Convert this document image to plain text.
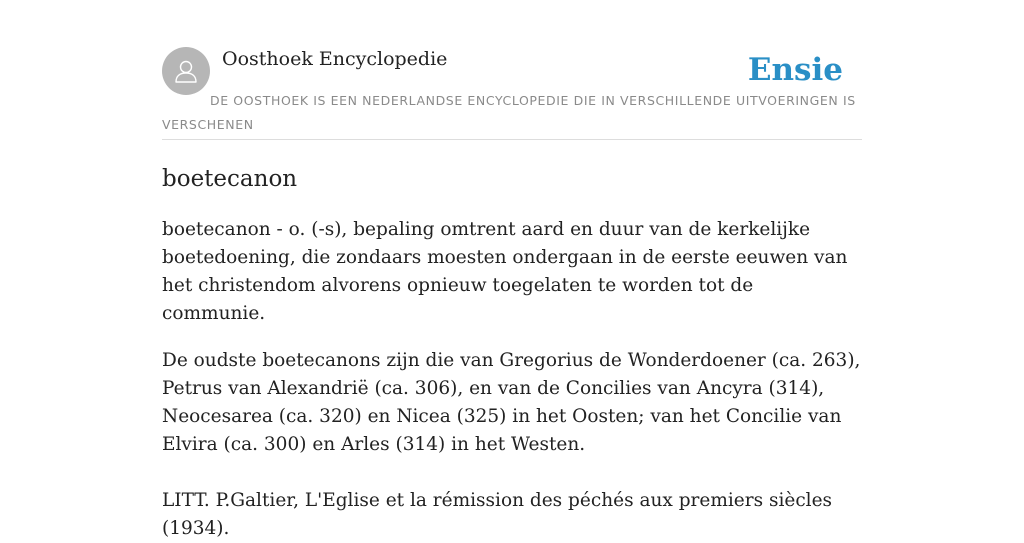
Oosthoek Encyclopedie	Ensie
DE OOSTHOEK IS EEN NEDERLANDSE ENCYCLOPEDIE DIE IN VERSCHILLENDE UITVOERINGEN IS VERSCHENEN
boetecanon

boetecanon - o. (-s), bepaling omtrent aard en duur van de kerkelijke boetedoening, die zondaars moesten ondergaan in de eerste eeuwen van het christendom alvorens opnieuw toegelaten te worden tot de communie.

De oudste boetecanons zijn die van Gregorius de Wonderdoener (ca. 263), Petrus van Alexandrië (ca. 306), en van de Concilies van Ancyra (314), Neocesarea (ca. 320) en Nicea (325) in het Oosten; van het Concilie van Elvira (ca. 300) en Arles (314) in het Westen.

LITT. P.Galtier, L'Eglise et la rémission des péchés aux premiers siècles (1934).
